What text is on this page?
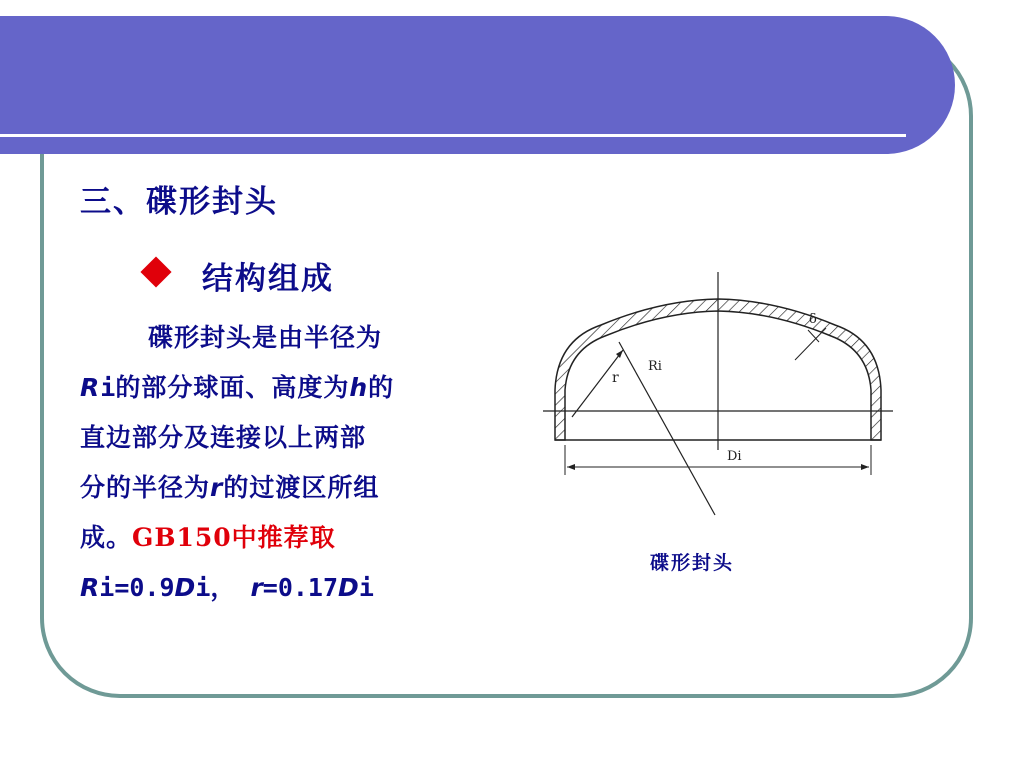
三、碟形封头
结构组成
碟形封头是由半径为
Ri的部分球面、高度为h的
直边部分及连接以上两部
分的半径为r的过渡区所组
成。GB150中推荐取
Ri=0.9Di， r=0.17Di
r
Ri
δ
Di
碟形封头
